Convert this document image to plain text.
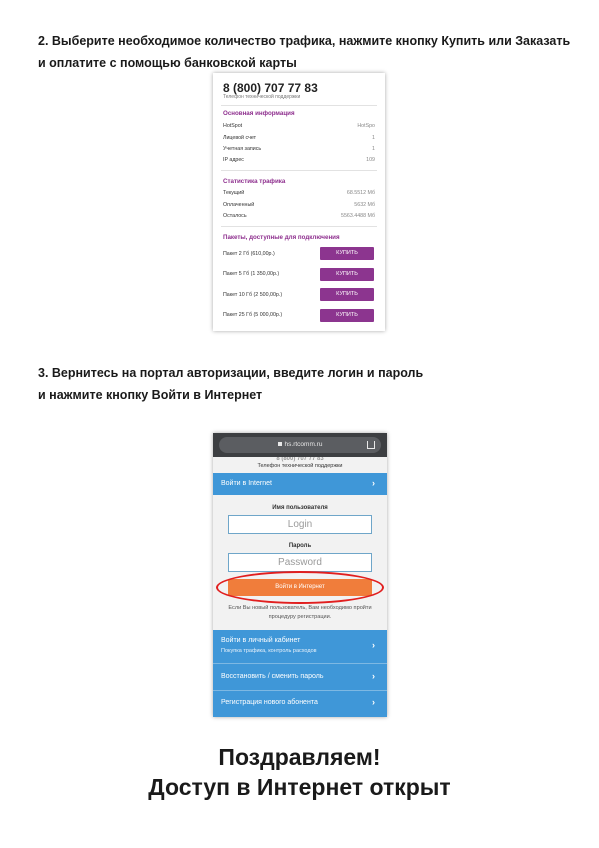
2. Выберите необходимое количество трафика, нажмите кнопку Купить или Заказать

и оплатите с помощью банковской карты

8 (800) 707 77 83
Телефон технической поддержки
Основная информация
HotSpot	HotSpo
Лицевой счет	1
Учетная запись	1
IP адрес	109
Статистика трафика
Текущий	68.5512 Мб
Оплаченный	5632 Мб
Осталось	5563.4488 Мб
Пакеты, доступные для подключения
Пакет 2 Гб (610,00р.)	КУПИТЬ
Пакет 5 Гб (1 350,00р.)	КУПИТЬ
Пакет 10 Гб (2 500,00р.)	КУПИТЬ
Пакет 25 Гб (5 000,00р.)	КУПИТЬ

3. Вернитесь на портал авторизации, введите логин и пароль

и нажмите кнопку Войти в Интернет

hs.rtcomm.ru
8 (800) 707 77 83
Телефон технической поддержки
Войти в Internet	›
Имя пользователя
Login
Пароль
Password
Войти в Интернет
Если Вы новый пользователь, Вам необходимо пройти процедуру регистрации.
Войти в личный кабинет
Покупка трафика, контроль расходов
›
Восстановить / сменить пароль	›
Регистрация нового абонента	›
Поздравляем!
Доступ в Интернет открыт
